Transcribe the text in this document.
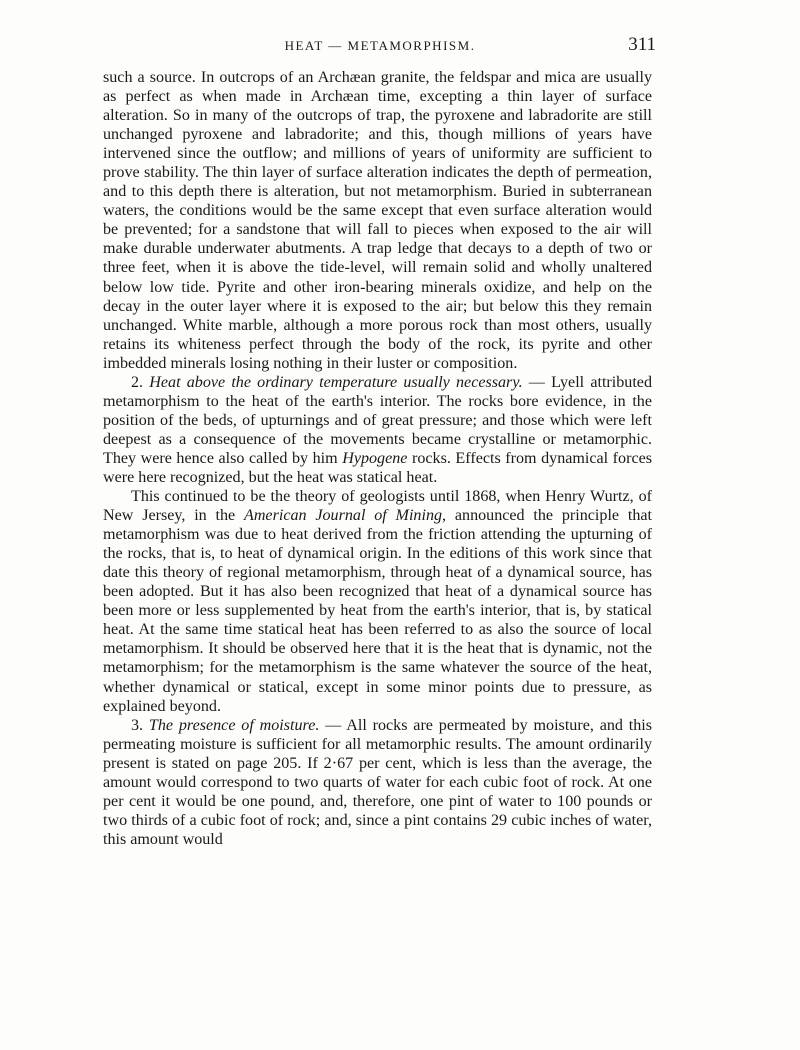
HEAT — METAMORPHISM.	311

such a source. In outcrops of an Archæan granite, the feldspar and mica are usually as perfect as when made in Archæan time, excepting a thin layer of surface alteration. So in many of the outcrops of trap, the pyroxene and labradorite are still unchanged pyroxene and labradorite; and this, though millions of years have intervened since the outflow; and millions of years of uniformity are sufficient to prove stability. The thin layer of surface alteration indicates the depth of permeation, and to this depth there is alteration, but not metamorphism. Buried in subterranean waters, the conditions would be the same except that even surface alteration would be prevented; for a sandstone that will fall to pieces when exposed to the air will make durable underwater abutments. A trap ledge that decays to a depth of two or three feet, when it is above the tide-level, will remain solid and wholly unaltered below low tide. Pyrite and other iron-bearing minerals oxidize, and help on the decay in the outer layer where it is exposed to the air; but below this they remain unchanged. White marble, although a more porous rock than most others, usually retains its whiteness perfect through the body of the rock, its pyrite and other imbedded minerals losing nothing in their luster or composition.

2. Heat above the ordinary temperature usually necessary. — Lyell attributed metamorphism to the heat of the earth's interior. The rocks bore evidence, in the position of the beds, of upturnings and of great pressure; and those which were left deepest as a consequence of the movements became crystalline or metamorphic. They were hence also called by him Hypogene rocks. Effects from dynamical forces were here recognized, but the heat was statical heat.

This continued to be the theory of geologists until 1868, when Henry Wurtz, of New Jersey, in the American Journal of Mining, announced the principle that metamorphism was due to heat derived from the friction attending the upturning of the rocks, that is, to heat of dynamical origin. In the editions of this work since that date this theory of regional metamorphism, through heat of a dynamical source, has been adopted. But it has also been recognized that heat of a dynamical source has been more or less supplemented by heat from the earth's interior, that is, by statical heat. At the same time statical heat has been referred to as also the source of local metamorphism. It should be observed here that it is the heat that is dynamic, not the metamorphism; for the metamorphism is the same whatever the source of the heat, whether dynamical or statical, except in some minor points due to pressure, as explained beyond.

3. The presence of moisture. — All rocks are permeated by moisture, and this permeating moisture is sufficient for all metamorphic results. The amount ordinarily present is stated on page 205. If 2·67 per cent, which is less than the average, the amount would correspond to two quarts of water for each cubic foot of rock. At one per cent it would be one pound, and, therefore, one pint of water to 100 pounds or two thirds of a cubic foot of rock; and, since a pint contains 29 cubic inches of water, this amount would
